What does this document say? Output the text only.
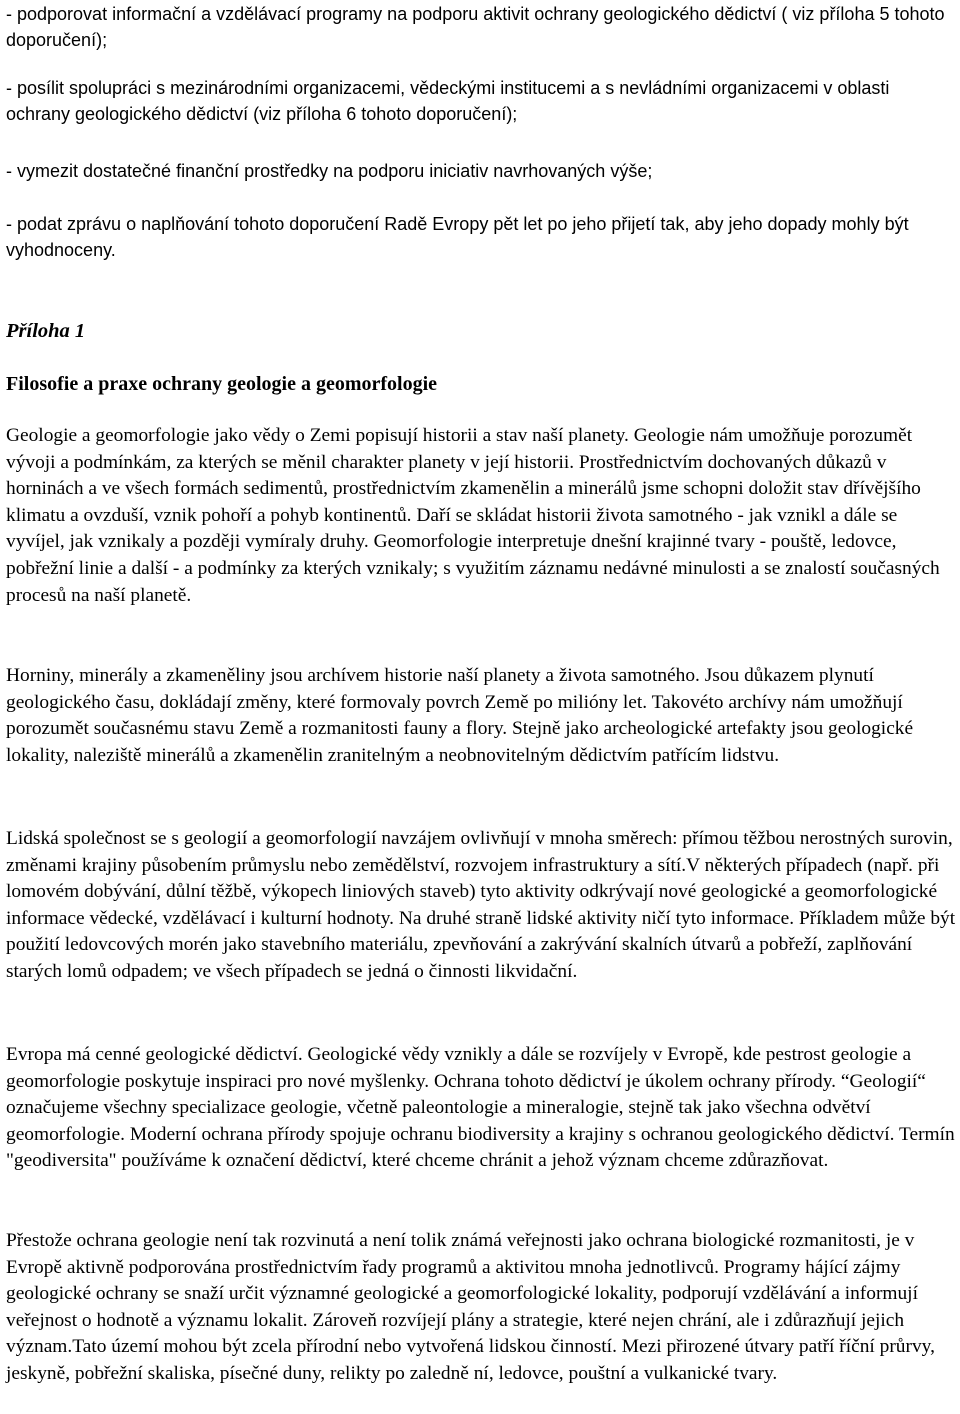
- podporovat informační a vzdělávací programy na podporu aktivit ochrany geologického dědictví ( viz příloha 5 tohoto doporučení);

- posílit spolupráci s mezinárodními organizacemi, vědeckými institucemi a s nevládními organizacemi v oblasti ochrany geologického dědictví (viz příloha 6 tohoto doporučení);

- vymezit dostatečné finanční prostředky na podporu iniciativ navrhovaných výše;

- podat zprávu o naplňování tohoto doporučení Radě Evropy pět let po jeho přijetí tak, aby jeho dopady mohly být vyhodnoceny.

Příloha 1

Filosofie a praxe ochrany geologie a geomorfologie

Geologie a geomorfologie jako vědy o Zemi popisují historii a stav naší planety. Geologie nám umožňuje porozumět vývoji a podmínkám, za kterých se měnil charakter planety v její historii. Prostřednictvím dochovaných důkazů v horninách a ve všech formách sedimentů, prostřednictvím zkamenělin a minerálů jsme schopni doložit stav dřívějšího klimatu a ovzduší, vznik pohoří a pohyb kontinentů. Daří se skládat historii života samotného - jak vznikl a dále se vyvíjel, jak vznikaly a později vymíraly druhy. Geomorfologie interpretuje dnešní krajinné tvary - pouště, ledovce, pobřežní linie a další - a podmínky za kterých vznikaly; s využitím záznamu nedávné minulosti a se znalostí současných procesů na naší planetě.

Horniny, minerály a zkameněliny jsou archívem historie naší planety a života samotného. Jsou důkazem plynutí geologického času, dokládají změny, které formovaly povrch Země po milióny let. Takovéto archívy nám umožňují porozumět současnému stavu Země a rozmanitosti fauny a flory. Stejně jako archeologické artefakty jsou geologické lokality, naleziště minerálů a zkamenělin zranitelným a neobnovitelným dědictvím patřícím lidstvu.

Lidská společnost se s geologií a geomorfologií navzájem ovlivňují v mnoha směrech: přímou těžbou nerostných surovin, změnami krajiny působením průmyslu nebo zemědělství, rozvojem infrastruktury a sítí.V některých případech (např. při lomovém dobývání, důlní těžbě, výkopech liniových staveb) tyto aktivity odkrývají nové geologické a geomorfologické informace vědecké, vzdělávací i kulturní hodnoty. Na druhé straně lidské aktivity ničí tyto informace. Příkladem může být použití ledovcových morén jako stavebního materiálu, zpevňování a zakrývání skalních útvarů a pobřeží, zaplňování starých lomů odpadem; ve všech případech se jedná o činnosti likvidační.

Evropa má cenné geologické dědictví. Geologické vědy vznikly a dále se rozvíjely v Evropě, kde pestrost geologie a geomorfologie poskytuje inspiraci pro nové myšlenky. Ochrana tohoto dědictví je úkolem ochrany přírody. “Geologií“ označujeme všechny specializace geologie, včetně paleontologie a mineralogie, stejně tak jako všechna odvětví geomorfologie. Moderní ochrana přírody spojuje ochranu biodiversity a krajiny s ochranou geologického dědictví. Termín "geodiversita" používáme k označení dědictví, které chceme chránit a jehož význam chceme zdůrazňovat.

Přestože ochrana geologie není tak rozvinutá a není tolik známá veřejnosti jako ochrana biologické rozmanitosti, je v Evropě aktivně podporována prostřednictvím řady programů a aktivitou mnoha jednotlivců. Programy hájící zájmy geologické ochrany se snaží určit významné geologické a geomorfologické lokality, podporují vzdělávání a informují veřejnost o hodnotě a významu lokalit. Zároveň rozvíjejí plány a strategie, které nejen chrání, ale i zdůrazňují jejich význam.Tato území mohou být zcela přírodní nebo vytvořená lidskou činností. Mezi přirozené útvary patří říční průrvy, jeskyně, pobřežní skaliska, písečné duny, relikty po zaledně ní, ledovce, pouštní a vulkanické tvary.
